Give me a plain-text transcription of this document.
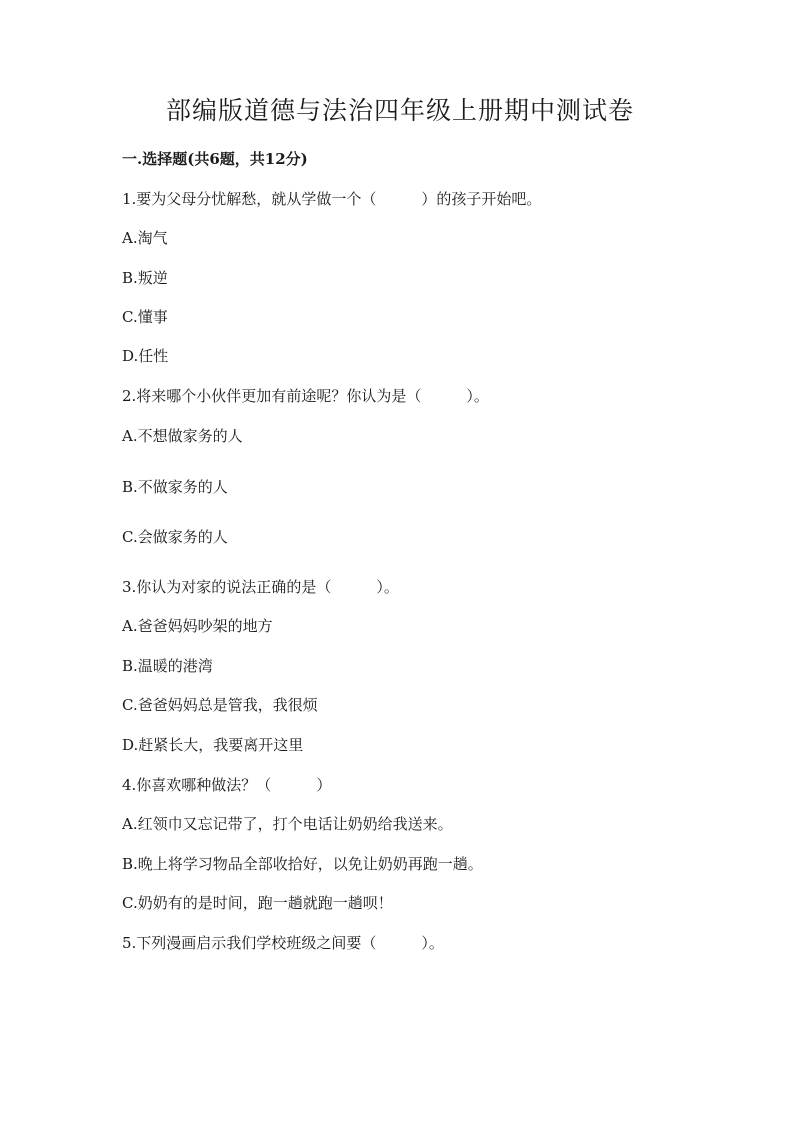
部编版道德与法治四年级上册期中测试卷
一.选择题(共6题，共12分)
1.要为父母分忧解愁，就从学做一个（　　　）的孩子开始吧。
A.淘气
B.叛逆
C.懂事
D.任性
2.将来哪个小伙伴更加有前途呢？你认为是（　　　）。
A.不想做家务的人
B.不做家务的人
C.会做家务的人
3.你认为对家的说法正确的是（　　　）。
A.爸爸妈妈吵架的地方
B.温暖的港湾
C.爸爸妈妈总是管我，我很烦
D.赶紧长大，我要离开这里
4.你喜欢哪种做法？（　　　）
A.红领巾又忘记带了，打个电话让奶奶给我送来。
B.晚上将学习物品全部收拾好，以免让奶奶再跑一趟。
C.奶奶有的是时间，跑一趟就跑一趟呗！
5.下列漫画启示我们学校班级之间要（　　　）。
